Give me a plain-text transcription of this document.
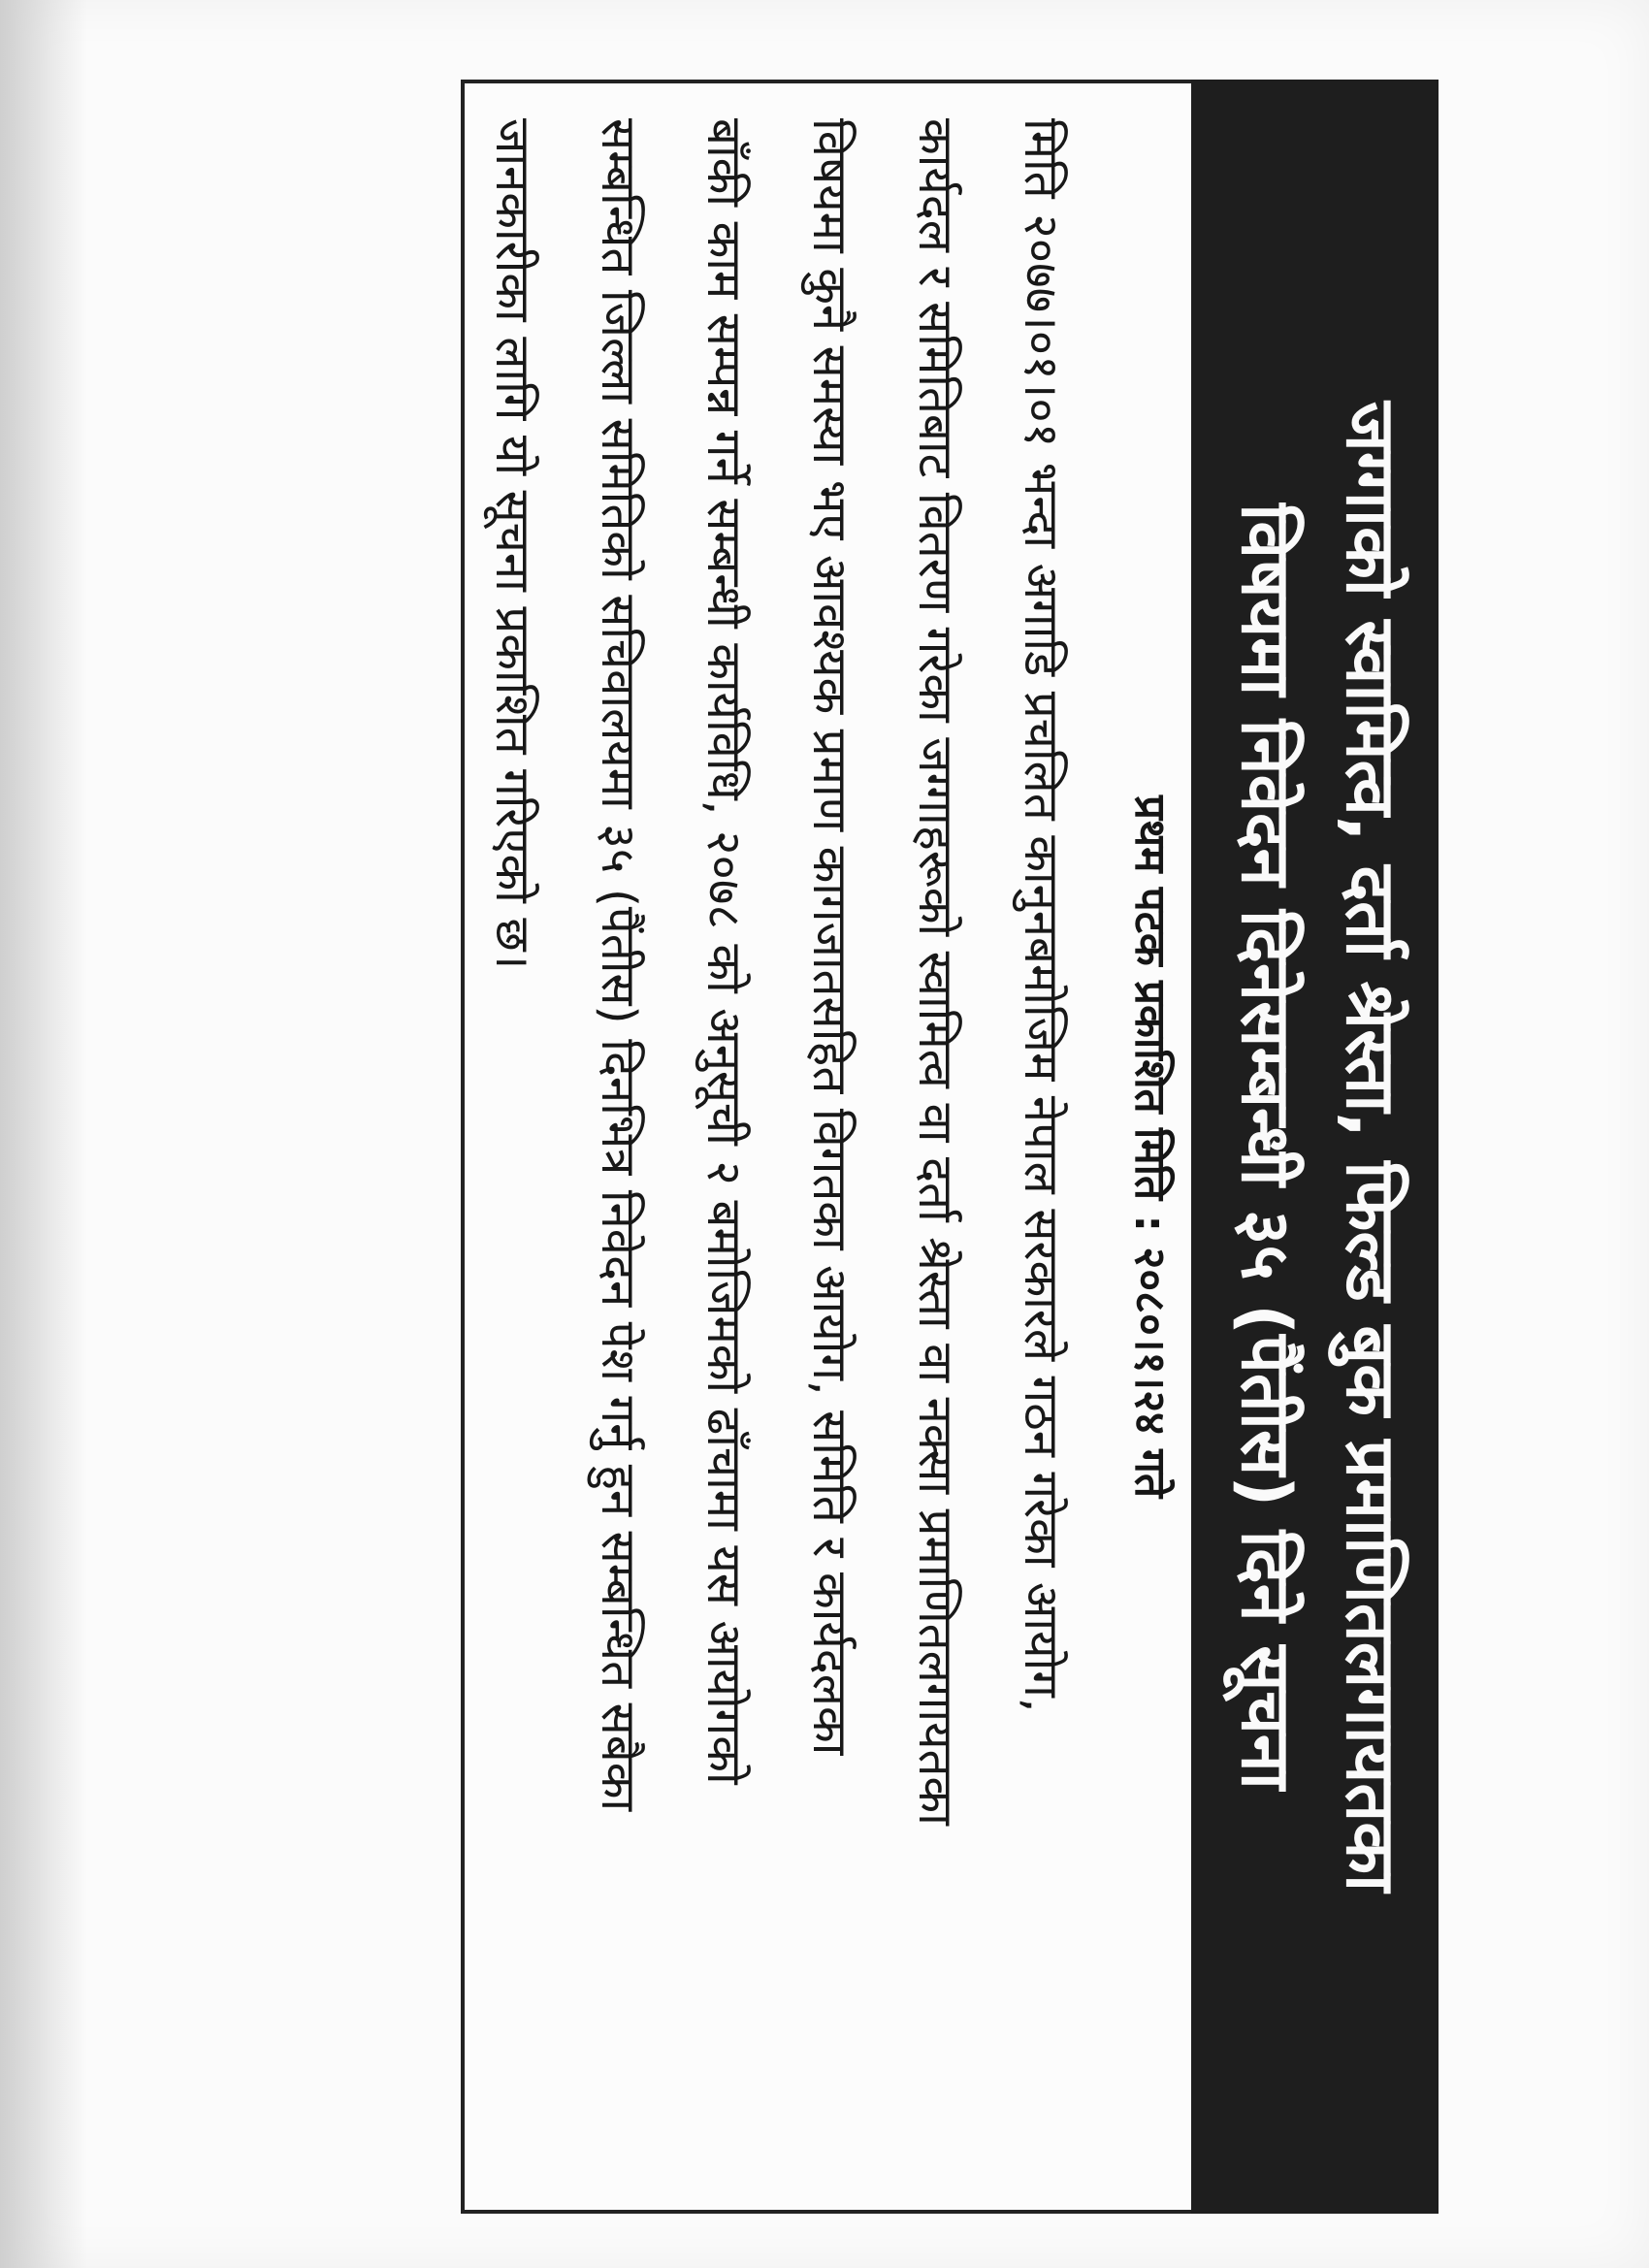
जग्गाको स्वामित्व, दर्ता श्रेस्ता, फिल्ड बुक प्रमाणितलगायतका
विषयमा निवेदन दिनेसम्बन्धी ३५ (पैंतीस) दिने सूचना
प्रथम पटक प्रकाशित मिति : २०८०।१।२४ गते
मिति २०७७।०१।०१ भन्दा अगाडि प्रचलित कानुनबमोजिम नेपाल सरकारले गठन गरेका आयोग,
कार्यदल र समितिबाट वितरण गरेका जग्गाहरूको स्वामित्व वा दर्ता श्रेस्ता वा नक्सा प्रमाणितलगायतका
विषयमा कुनै समस्या भए आवश्यक प्रमाण कागजातसहित विगतका आयोग, समिति र कार्यदलका
बाँकी काम सम्पन्न गर्ने सम्बन्धी कार्यविधि, २०७८ को अनुसूची २ बमोजिमको ढाँचामा यस आयोगको
सम्बन्धित जिल्ला समितिको सचिवालयमा ३५ (पैंतीस) दिनभित्र निवेदन पेश गर्नु हुन सम्बन्धित सबैका
जानकारीका लागि यो सूचना प्रकाशित गरिएको छ।
